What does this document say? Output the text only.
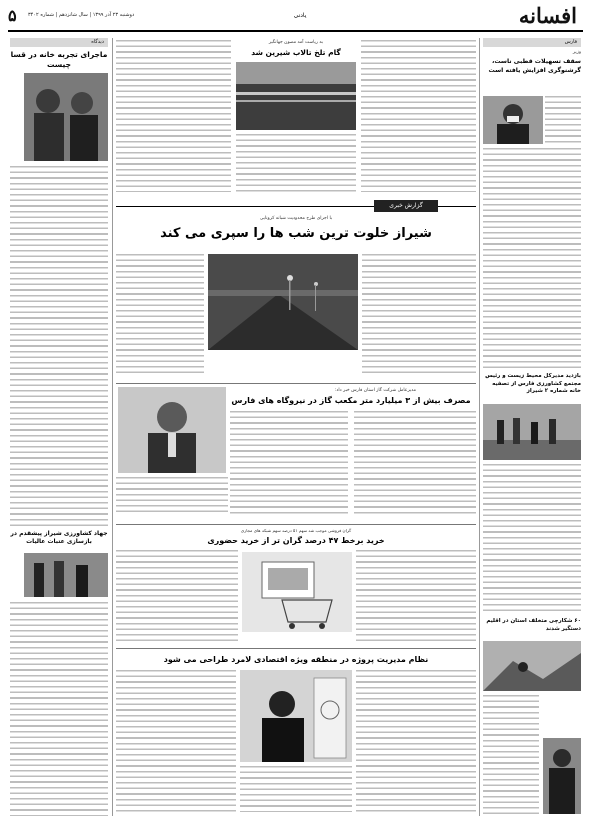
۵ دوشنبه ۲۳ آذر ۱۳۹۹ | سال شانزدهم | شماره ۳۴۰۲	یادنی	افسانه
دیدگاه
ماجرای تجربه خانه در قسا چیست
جهاد کشاورزی شیراز پیشقدم در بازسازی عتبات عالیات
به ریاست آمد مصون جهانگیر
گام تلخ تالاب شیرین شد
گزارش خبری
با اجرای طرح محدودیت شبانه کرونایی
شیراز خلوت ترین شب ها را سپری می کند
مدیرعامل شرکت گاز استان فارس خبر داد:
مصرف بیش از ۳ میلیارد متر مکعب گاز در نیروگاه های فارس
گران فروشی موجب شد سهم ۵۱ درصد سهم شبکه های مجازی
خرید برخط ۴۷ درصد گران تر از خرید حضوری
نظام مدیریت پروژه در منطقه ویژه اقتصادی لامرد طراحی می شود
فارس
وزیر
سقف تسهیلات قطبی ناست، گرشنوگری افزایش یافته است
بازدید مدیرکل محیط زیست و رئیس مجتمع کشاورزی فارس از تصفیه خانه شماره ۲ شیراز
۶۰ شکارچی متخلف استان در اقلیم دستگیر شدند
